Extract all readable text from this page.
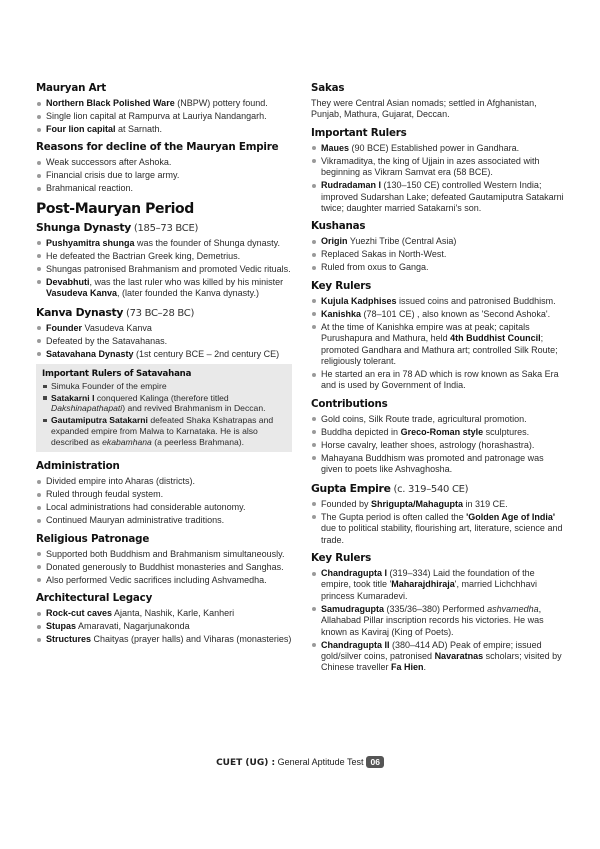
Mauryan Art
Northern Black Polished Ware (NBPW) pottery found.
Single lion capital at Rampurva at Lauriya Nandangarh.
Four lion capital at Sarnath.
Reasons for decline of the Mauryan Empire
Weak successors after Ashoka.
Financial crisis due to large army.
Brahmanical reaction.
Post-Mauryan Period
Shunga Dynasty (185–73 BCE)
Pushyamitra shunga was the founder of Shunga dynasty.
He defeated the Bactrian Greek king, Demetrius.
Shungas patronised Brahmanism and promoted Vedic rituals.
Devabhuti, was the last ruler who was killed by his minister Vasudeva Kanva, (later founded the Kanva dynasty.)
Kanva Dynasty (73 BC–28 BC)
Founder Vasudeva Kanva
Defeated by the Satavahanas.
Satavahana Dynasty (1st century BCE – 2nd century CE)
Important Rulers of Satavahana
Simuka Founder of the empire
Satakarni I conquered Kalinga (therefore titled Dakshinapathapati) and revived Brahmanism in Deccan.
Gautamiputra Satakarni defeated Shaka Kshatrapas and expanded empire from Malwa to Karnataka. He is also described as ekabamhana (a peerless Brahmana).
Administration
Divided empire into Aharas (districts).
Ruled through feudal system.
Local administrations had considerable autonomy.
Continued Mauryan administrative traditions.
Religious Patronage
Supported both Buddhism and Brahmanism simultaneously.
Donated generously to Buddhist monasteries and Sanghas.
Also performed Vedic sacrifices including Ashvamedha.
Architectural Legacy
Rock-cut caves Ajanta, Nashik, Karle, Kanheri
Stupas Amaravati, Nagarjunakonda
Structures Chaityas (prayer halls) and Viharas (monasteries)
Sakas

They were Central Asian nomads; settled in Afghanistan, Punjab, Mathura, Gujarat, Deccan.

Important Rulers
Maues (90 BCE) Established power in Gandhara.
Vikramaditya, the king of Ujjain in azes associated with beginning as Vikram Samvat era (58 BCE).
Rudradaman I (130–150 CE) controlled Western India; improved Sudarshan Lake; defeated Gautamiputra Satakarni twice; daughter married Satakarni's son.
Kushanas
Origin Yuezhi Tribe (Central Asia)
Replaced Sakas in North-West.
Ruled from oxus to Ganga.
Key Rulers
Kujula Kadphises issued coins and patronised Buddhism.
Kanishka (78–101 CE) , also known as 'Second Ashoka'.
At the time of Kanishka empire was at peak; capitals Purushapura and Mathura, held 4th Buddhist Council; promoted Gandhara and Mathura art; controlled Silk Route; religiously tolerant.
He started an era in 78 AD which is row known as Saka Era and is used by Government of India.
Contributions
Gold coins, Silk Route trade, agricultural promotion.
Buddha depicted in Greco-Roman style sculptures.
Horse cavalry, leather shoes, astrology (horashastra).
Mahayana Buddhism was promoted and patronage was given to poets like Ashvaghosha.
Gupta Empire (c. 319–540 CE)
Founded by Shrigupta/Mahagupta in 319 CE.
The Gupta period is often called the 'Golden Age of India' due to political stability, flourishing art, literature, science and trade.
Key Rulers
Chandragupta I (319–334) Laid the foundation of the empire, took title 'Maharajdhiraja', married Lichchhavi princess Kumaradevi.
Samudragupta (335/36–380) Performed ashvamedha, Allahabad Pillar inscription records his victories. He was known as Kaviraj (King of Poets).
Chandragupta II (380–414 AD) Peak of empire; issued gold/silver coins, patronised Navaratnas scholars; visited by Chinese traveller Fa Hien.
CUET (UG) : General Aptitude Test 06
